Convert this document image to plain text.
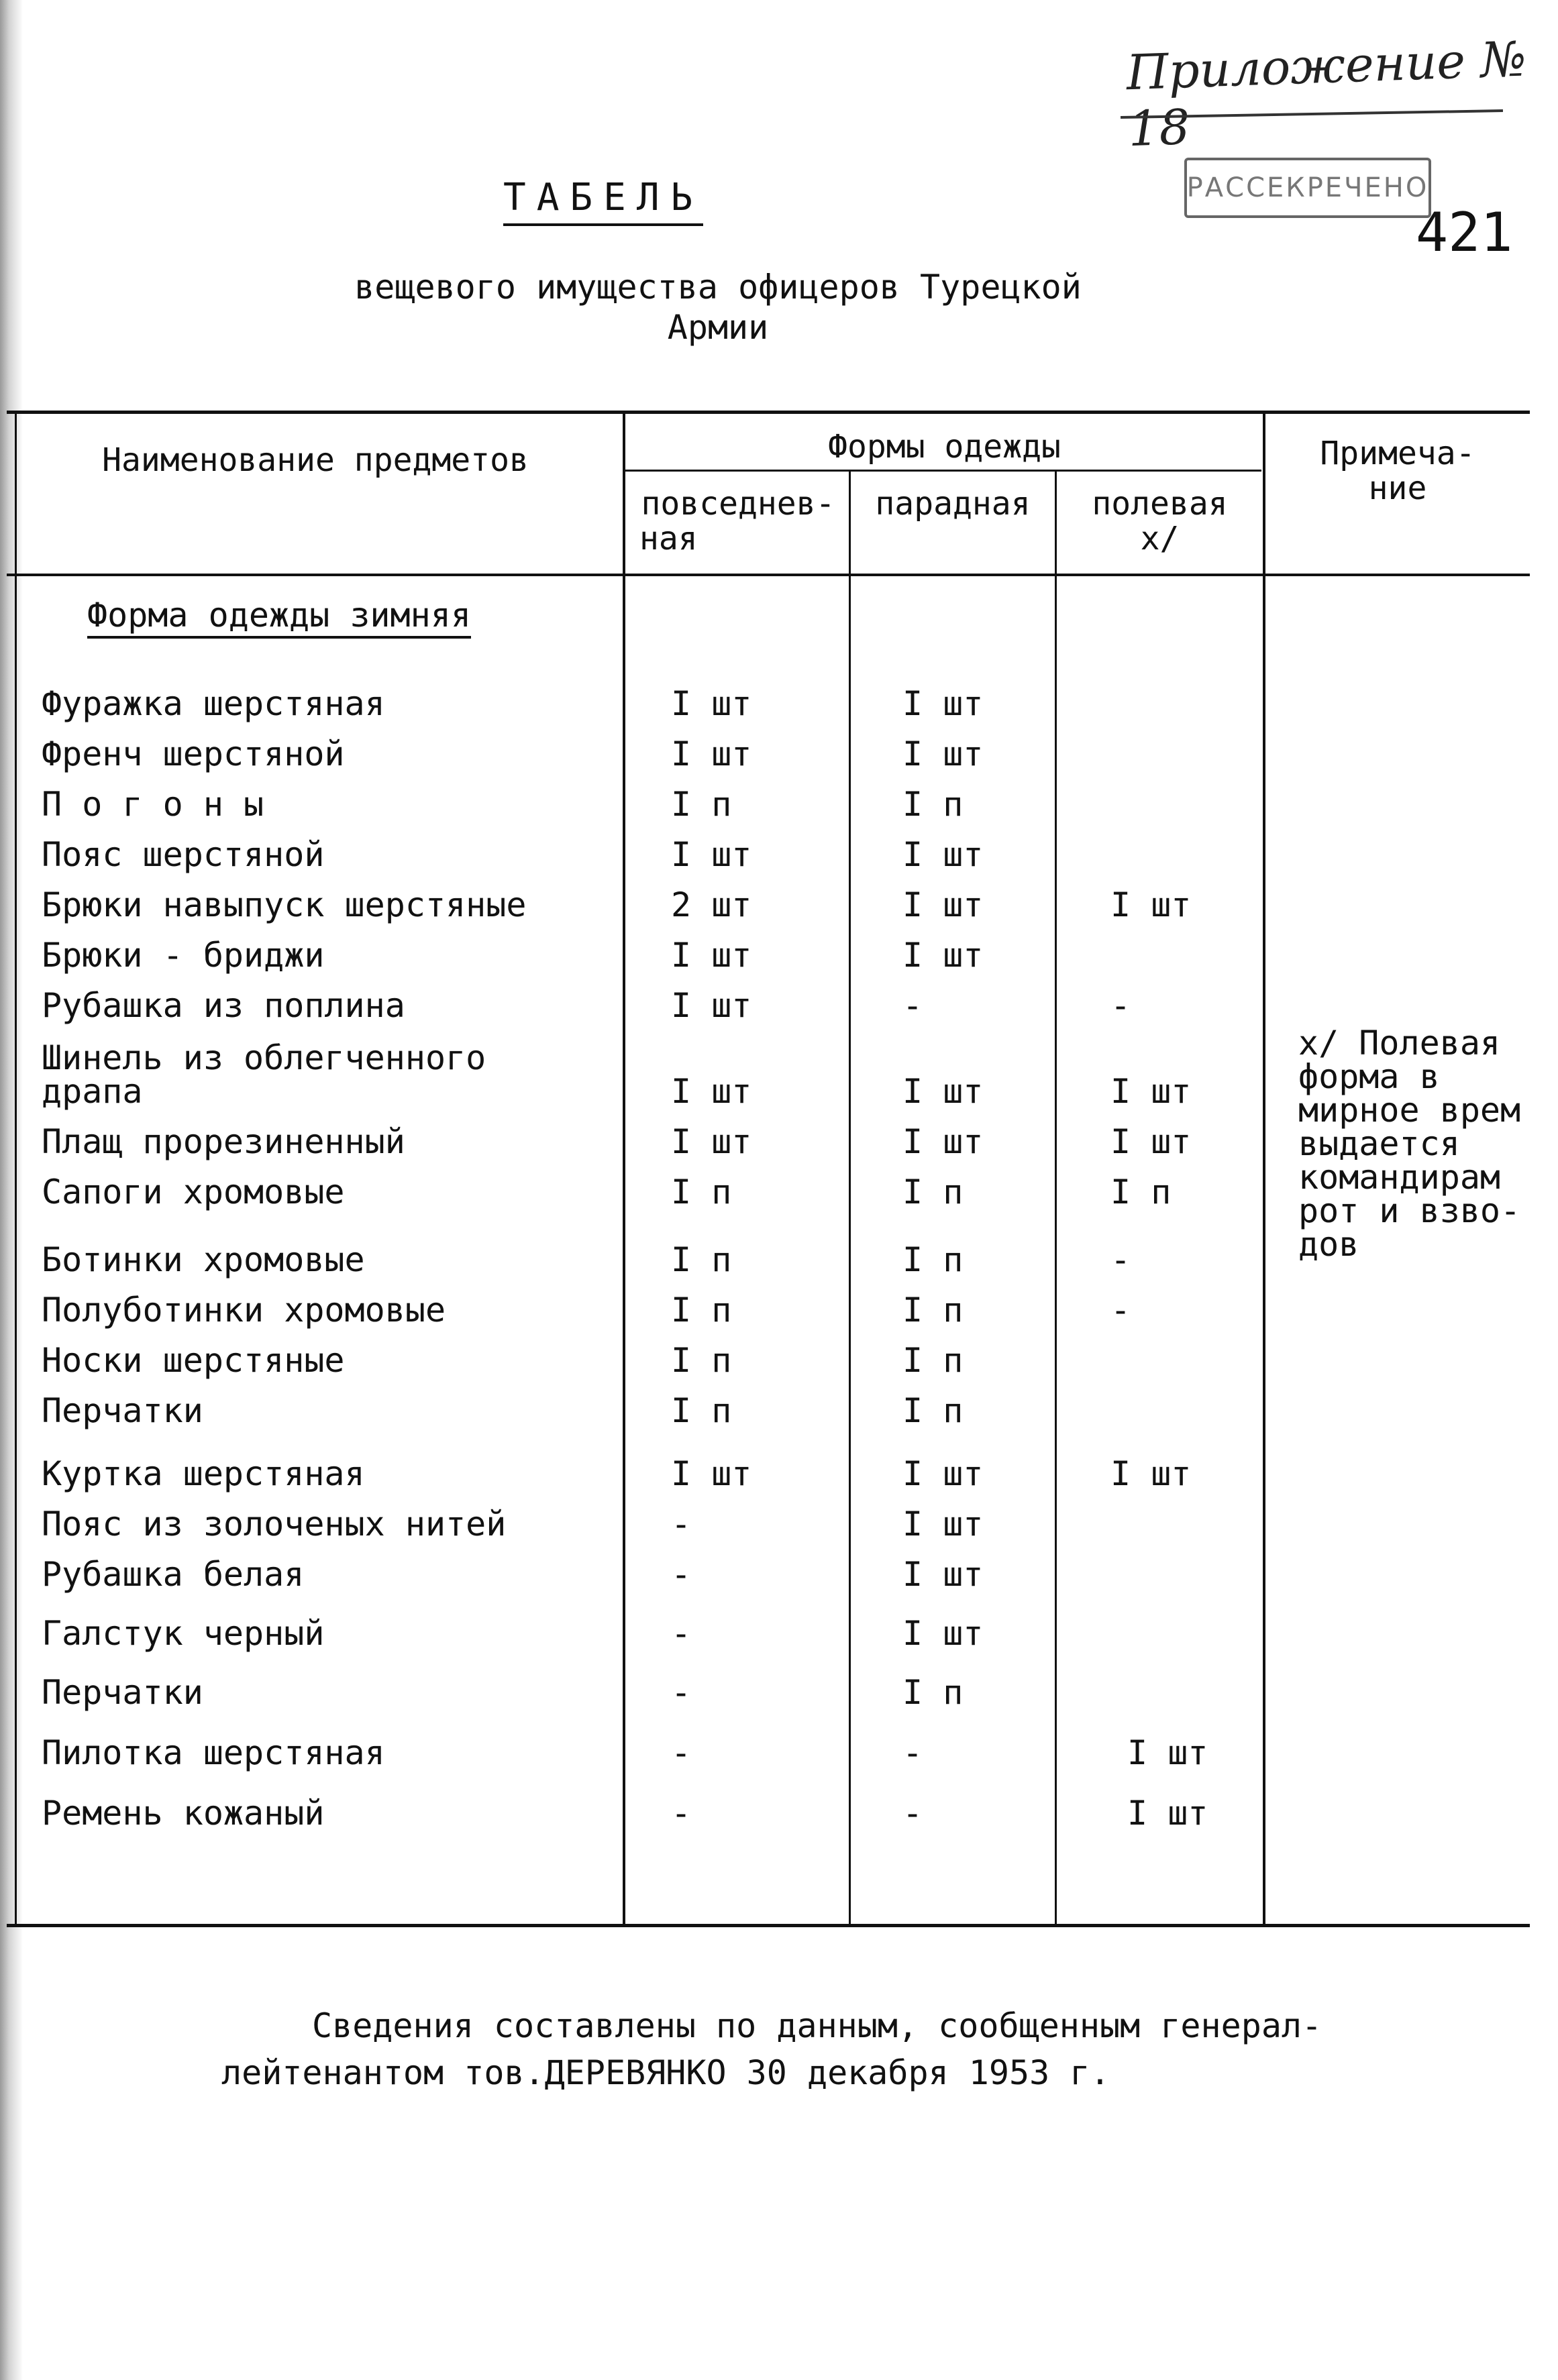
Приложение № 18
РАССЕКРЕЧЕНО
421
ТАБЕЛЬ
вещевого имущества офицеров Турецкой
Армии
Наименование предметов	Формы одежды
повседнев-
ная
парадная	полевая
х/
Примеча-
ние
Форма одежды зимняя
Фуражка шерстяная	I шт	I шт
Френч шерстяной	I шт	I шт
П о г о н ы	I п	I п
Пояс шерстяной	I шт	I шт
Брюки навыпуск шерстяные	2 шт	I шт	I шт
Брюки - бриджи	I шт	I шт
Рубашка из поплина	I шт	-	-
Шинель из облегченного
драпа	I шт	I шт	I шт
Плащ прорезиненный	I шт	I шт	I шт
Сапоги хромовые	I п	I п	I п
Ботинки хромовые	I п	I п	-
Полуботинки хромовые	I п	I п	-
Носки шерстяные	I п	I п
Перчатки	I п	I п
Куртка шерстяная	I шт	I шт	I шт
Пояс из золоченых нитей	-	I шт
Рубашка белая	-	I шт
Галстук черный	-	I шт
Перчатки	-	I п
Пилотка шерстяная	-	-	I шт
Ремень кожаный	-	-	I шт
х/ Полевая
форма в
мирное врем
выдается
командирам
рот и взво-
дов
Сведения составлены по данным, сообщенным генерал-
лейтенантом тов.ДЕРЕВЯНКО 30 декабря 1953 г.
